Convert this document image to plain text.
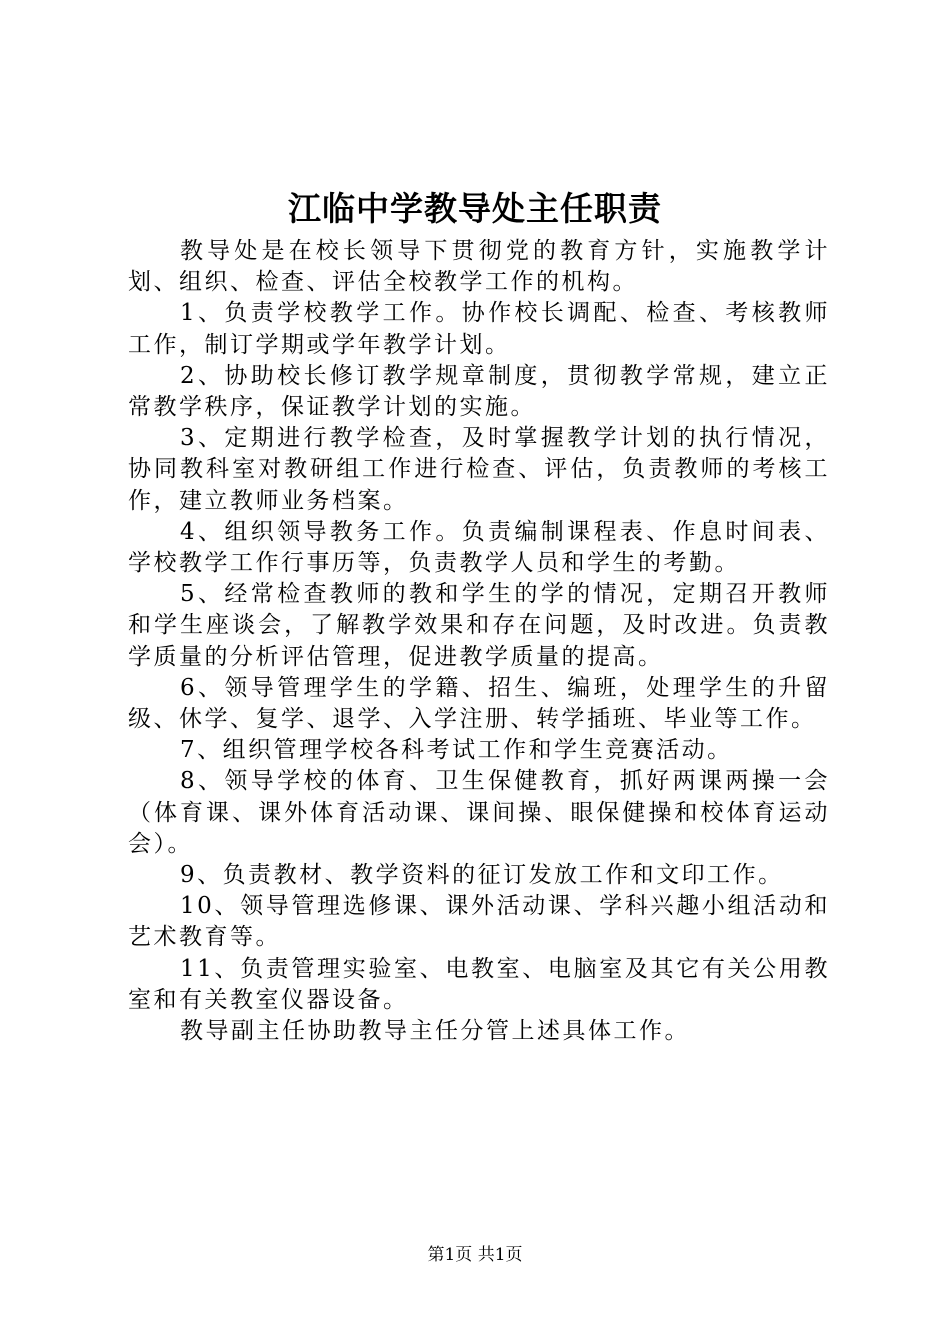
江临中学教导处主任职责

教导处是在校长领导下贯彻党的教育方针，实施教学计划、组织、检查、评估全校教学工作的机构。

1、负责学校教学工作。协作校长调配、检查、考核教师工作，制订学期或学年教学计划。

2、协助校长修订教学规章制度，贯彻教学常规，建立正常教学秩序，保证教学计划的实施。

3、定期进行教学检查，及时掌握教学计划的执行情况，协同教科室对教研组工作进行检查、评估，负责教师的考核工作，建立教师业务档案。

4、组织领导教务工作。负责编制课程表、作息时间表、学校教学工作行事历等，负责教学人员和学生的考勤。

5、经常检查教师的教和学生的学的情况，定期召开教师和学生座谈会，了解教学效果和存在问题，及时改进。负责教学质量的分析评估管理，促进教学质量的提高。

6、领导管理学生的学籍、招生、编班，处理学生的升留级、休学、复学、退学、入学注册、转学插班、毕业等工作。

7、组织管理学校各科考试工作和学生竞赛活动。

8、领导学校的体育、卫生保健教育，抓好两课两操一会（体育课、课外体育活动课、课间操、眼保健操和校体育运动会）。

9、负责教材、教学资料的征订发放工作和文印工作。

10、领导管理选修课、课外活动课、学科兴趣小组活动和艺术教育等。

11、负责管理实验室、电教室、电脑室及其它有关公用教室和有关教室仪器设备。

教导副主任协助教导主任分管上述具体工作。

第1页 共1页
